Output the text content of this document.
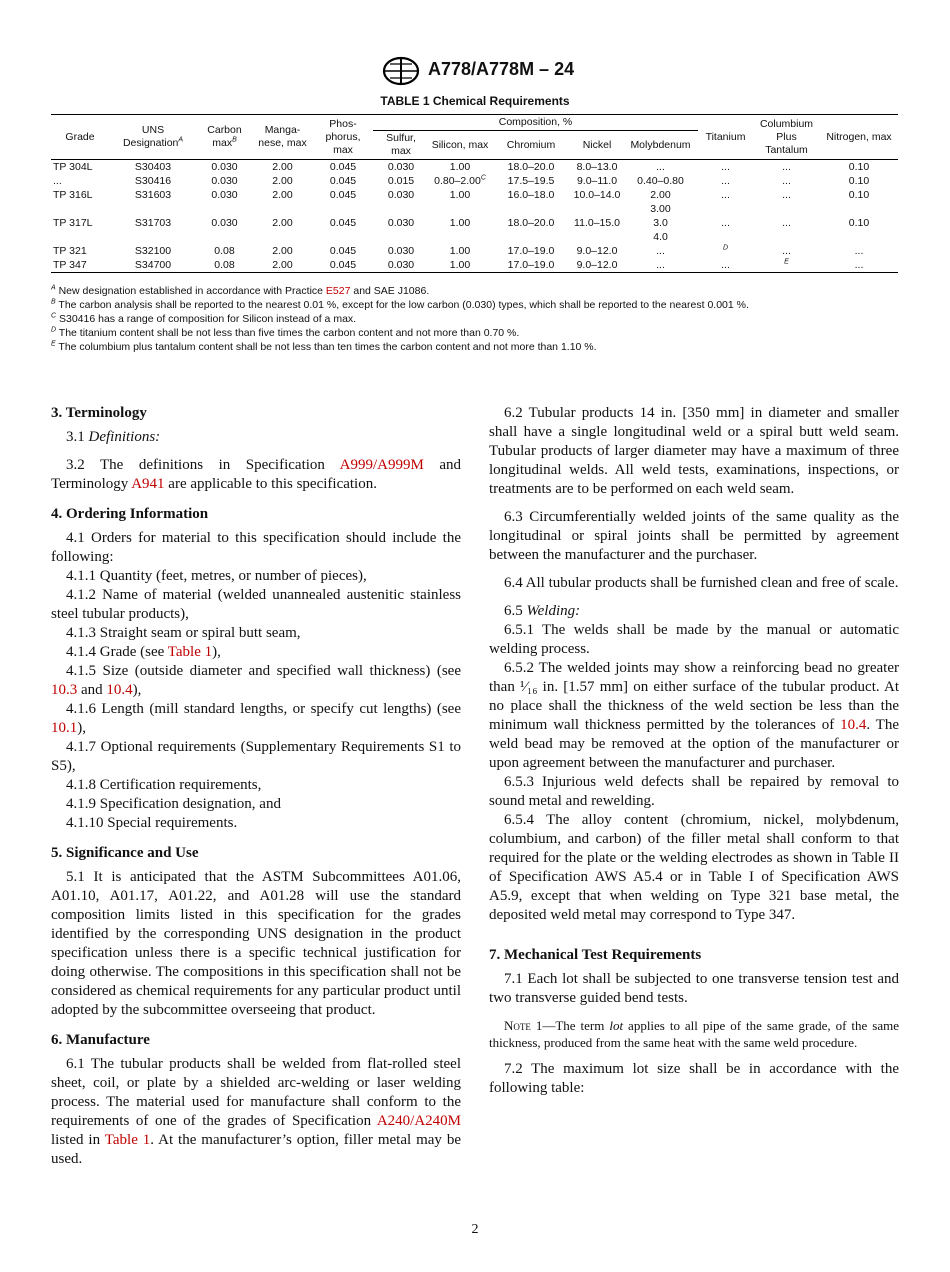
A778/A778M – 24
TABLE 1 Chemical Requirements
Grade	UNS Designation$^A$	Carbon $\max^B$	Manga-nese, max	Phos-phorus, max	Composition, %					Titanium	Columbium Plus Tantalum	Nitrogen, max
					Sulfur, max	Silicon, max	Chromium	Nickel	Molybdenum			
TP 304L	S30403	0.030	2.00	0.045	0.030	1.00	18.0–20.0	8.0–13.0	...	...	...	0.10
...	S30416	0.030	2.00	0.045	0.015	$0.80-2.00^C$	17.5–19.5	9.0–11.0	0.40–0.80	...	...	0.10
TP 316L	S31603	0.030	2.00	0.045	0.030	1.00	16.0–18.0	10.0–14.0	2.00	...	...	0.10
									3.00			
TP 317L	S31703	0.030	2.00	0.045	0.030	1.00	18.0–20.0	11.0–15.0	3.0	...	...	0.10
									4.0			
TP 321	S32100	0.08	2.00	0.045	0.030	1.00	17.0–19.0	9.0–12.0	...	$^D$	...	...
TP 347	S34700	0.08	2.00	0.045	0.030	1.00	17.0–19.0	9.0–12.0	...	...	$^E$	...
$^A$ New designation established in accordance with Practice E527 and SAE J1086.
$^B$ The carbon analysis shall be reported to the nearest 0.01 %, except for the low carbon (0.030) types, which shall be reported to the nearest 0.001 %.
$^C$ S30416 has a range of composition for Silicon instead of a max.
$^D$ The titanium content shall be not less than five times the carbon content and not more than 0.70 %.
$^E$ The columbium plus tantalum content shall be not less than ten times the carbon content and not more than 1.10 %.

3. Terminology

3.1 Definitions:

3.2 The definitions in Specification A999/A999M and Terminology A941 are applicable to this specification.

4. Ordering Information

4.1 Orders for material to this specification should include the following:

4.1.1 Quantity (feet, metres, or number of pieces),

4.1.2 Name of material (welded unannealed austenitic stainless steel tubular products),

4.1.3 Straight seam or spiral butt seam,

4.1.4 Grade (see Table 1),

4.1.5 Size (outside diameter and specified wall thickness) (see 10.3 and 10.4),

4.1.6 Length (mill standard lengths, or specify cut lengths) (see 10.1),

4.1.7 Optional requirements (Supplementary Requirements S1 to S5),

4.1.8 Certification requirements,

4.1.9 Specification designation, and

4.1.10 Special requirements.

5. Significance and Use

5.1 It is anticipated that the ASTM Subcommittees A01.06, A01.10, A01.17, A01.22, and A01.28 will use the standard composition limits listed in this specification for the grades identified by the corresponding UNS designation in the product specification unless there is a specific technical justification for doing otherwise. The compositions in this specification shall not be considered as chemical requirements for any particular product until adopted by the subcommittee overseeing that product.

6. Manufacture

6.1 The tubular products shall be welded from flat-rolled steel sheet, coil, or plate by a shielded arc-welding or laser welding process. The material used for manufacture shall conform to the requirements of one of the grades of Specification A240/A240M listed in Table 1. At the manufacturer’s option, filler metal may be used.

6.2 Tubular products 14 in. [350 mm] in diameter and smaller shall have a single longitudinal weld or a spiral butt weld seam. Tubular products of larger diameter may have a maximum of three longitudinal welds. All weld tests, examinations, inspections, or treatments are to be performed on each weld seam.

6.3 Circumferentially welded joints of the same quality as the longitudinal or spiral joints shall be permitted by agreement between the manufacturer and the purchaser.

6.4 All tubular products shall be furnished clean and free of scale.

6.5 Welding:

6.5.1 The welds shall be made by the manual or automatic welding process.

6.5.2 The welded joints may show a reinforcing bead no greater than ¹⁄₁₆ in. [1.57 mm] on either surface of the tubular product. At no place shall the thickness of the weld section be less than the minimum wall thickness permitted by the tolerances of 10.4. The weld bead may be removed at the option of the manufacturer or upon agreement between the manufacturer and purchaser.

6.5.3 Injurious weld defects shall be repaired by removal to sound metal and rewelding.

6.5.4 The alloy content (chromium, nickel, molybdenum, columbium, and carbon) of the filler metal shall conform to that required for the plate or the welding electrodes as shown in Table II of Specification AWS A5.4 or in Table I of Specification AWS A5.9, except that when welding on Type 321 base metal, the deposited weld metal may correspond to Type 347.

7. Mechanical Test Requirements

7.1 Each lot shall be subjected to one transverse tension test and two transverse guided bend tests.

Note 1—The term lot applies to all pipe of the same grade, of the same thickness, produced from the same heat with the same weld procedure.

7.2 The maximum lot size shall be in accordance with the following table:

2
